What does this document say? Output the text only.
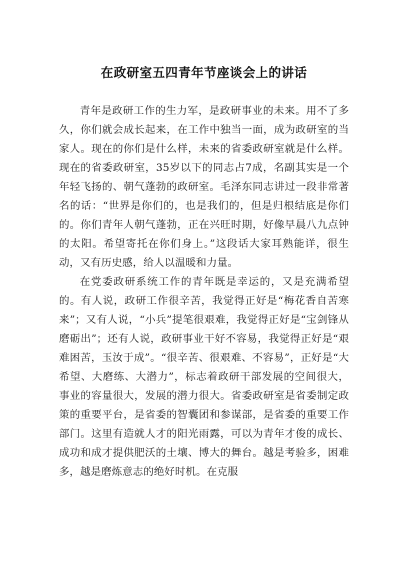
在政研室五四青年节座谈会上的讲话

青年是政研工作的生力军，是政研事业的未来。用不了多久，你们就会成长起来，在工作中独当一面，成为政研室的当家人。现在的你们是什么样，未来的省委政研室就是什么样。现在的省委政研室，35岁以下的同志占7成，名副其实是一个年轻飞扬的、朝气蓬勃的政研室。毛泽东同志讲过一段非常著名的话：“世界是你们的，也是我们的，但是归根结底是你们的。你们青年人朝气蓬勃，正在兴旺时期，好像早晨八九点钟的太阳。希望寄托在你们身上。”这段话大家耳熟能详，很生动，又有历史感，给人以温暖和力量。

在党委政研系统工作的青年既是幸运的，又是充满希望的。有人说，政研工作很辛苦，我觉得正好是“梅花香自苦寒来”；又有人说，“小兵”提笔很艰难，我觉得正好是“宝剑锋从磨砺出”；还有人说，政研事业干好不容易，我觉得正好是“艰难困苦，玉汝于成”。“很辛苦、很艰难、不容易”，正好是“大希望、大磨练、大潜力”，标志着政研干部发展的空间很大，事业的容量很大，发展的潜力很大。省委政研室是省委制定政策的重要平台，是省委的智囊团和参谋部，是省委的重要工作部门。这里有造就人才的阳光雨露，可以为青年才俊的成长、成功和成才提供肥沃的土壤、博大的舞台。越是考验多，困难多，越是磨炼意志的绝好时机。在克服
